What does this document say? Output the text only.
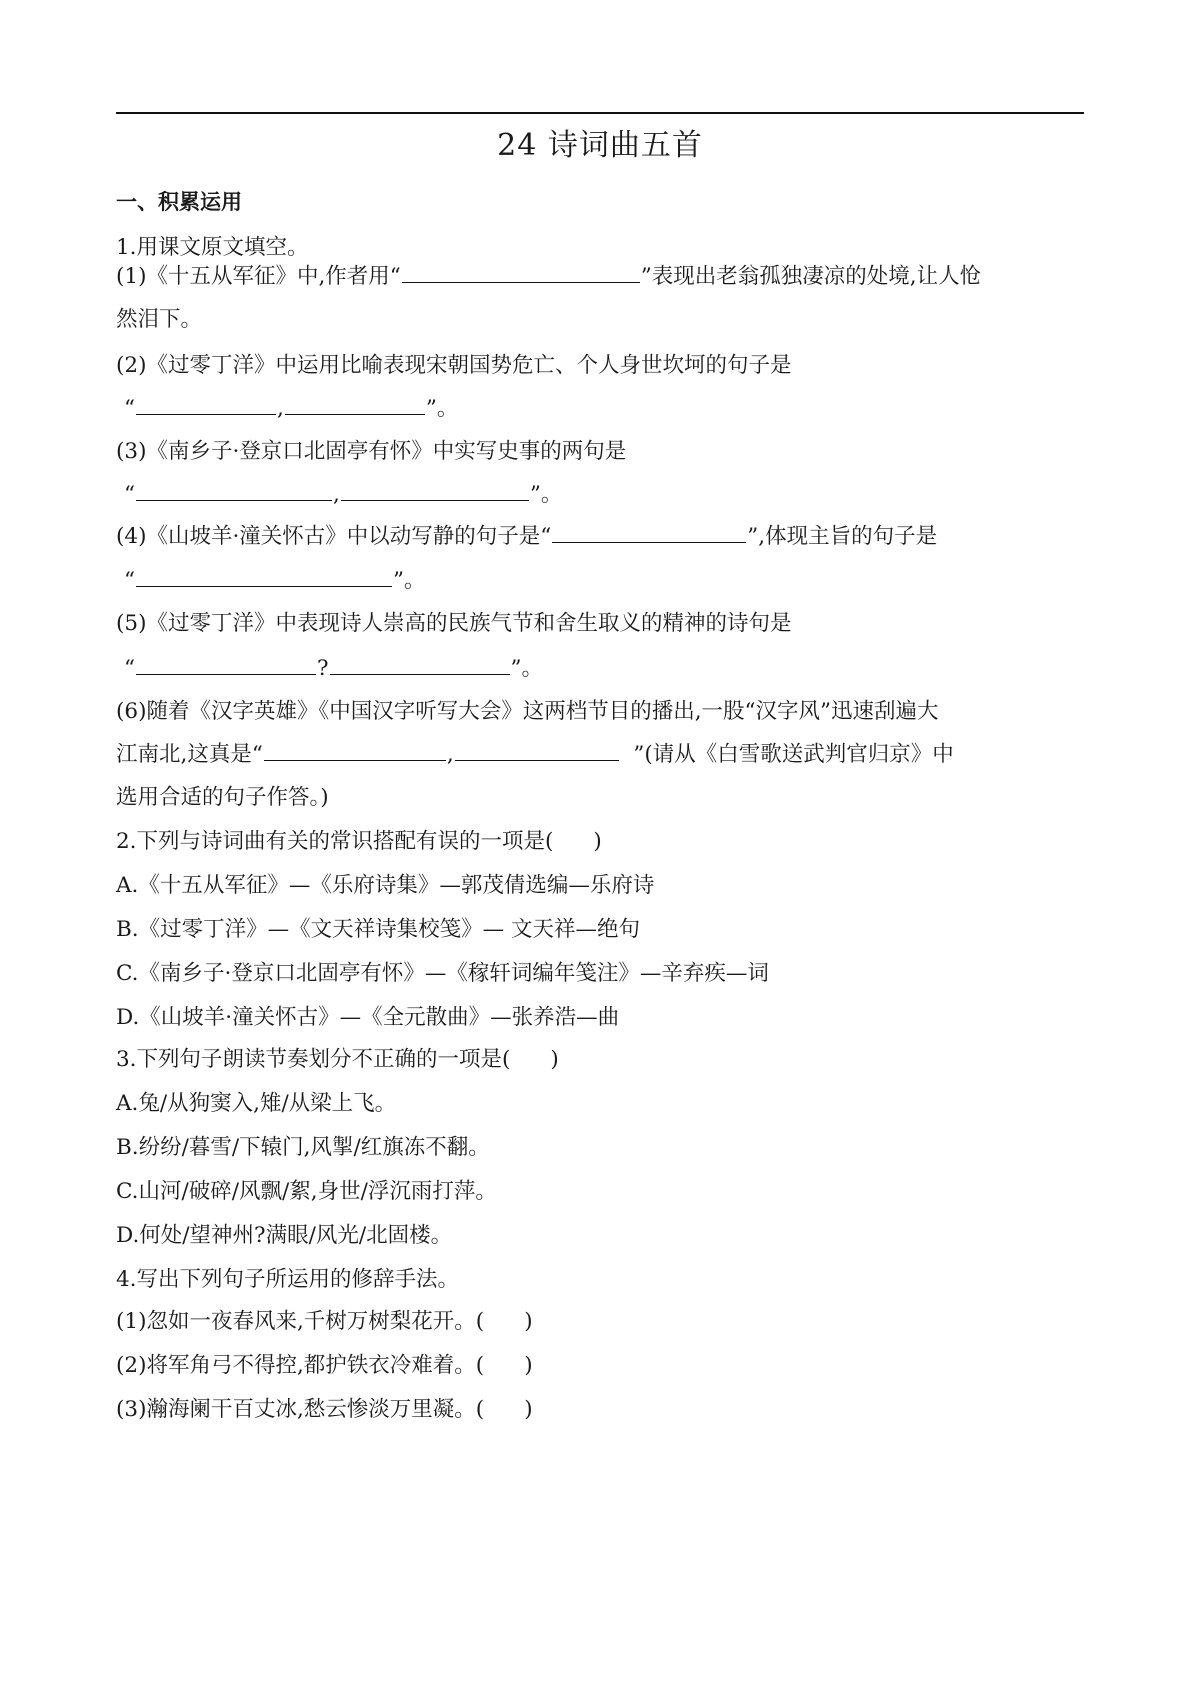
24 诗词曲五首
一、积累运用
1.用课文原文填空。
(1)《十五从军征》中,作者用“	”表现出老翁孤独凄凉的处境,让人怆
然泪下。
(2)《过零丁洋》中运用比喻表现宋朝国势危亡、个人身世坎坷的句子是
“	,	”。
(3)《南乡子·登京口北固亭有怀》中实写史事的两句是
“	,	”。
(4)《山坡羊·潼关怀古》中以动写静的句子是“	”,体现主旨的句子是
“	”。
(5)《过零丁洋》中表现诗人崇高的民族气节和舍生取义的精神的诗句是
“	?	”。
(6)随着《汉字英雄》《中国汉字听写大会》这两档节目的播出,一股“汉字风”迅速刮遍大
江南北,这真是“	,	”(请从《白雪歌送武判官归京》中
选用合适的句子作答。)
2.下列与诗词曲有关的常识搭配有误的一项是( )
A.《十五从军征》—《乐府诗集》—郭茂倩选编—乐府诗
B.《过零丁洋》—《文天祥诗集校笺》— 文天祥—绝句
C.《南乡子·登京口北固亭有怀》—《稼轩词编年笺注》—辛弃疾—词
D.《山坡羊·潼关怀古》—《全元散曲》—张养浩—曲
3.下列句子朗读节奏划分不正确的一项是( )
A.兔/从狗窦入,雉/从梁上飞。
B.纷纷/暮雪/下辕门,风掣/红旗冻不翻。
C.山河/破碎/风飘/絮,身世/浮沉雨打萍。
D.何处/望神州?满眼/风光/北固楼。
4.写出下列句子所运用的修辞手法。
(1)忽如一夜春风来,千树万树梨花开。( )
(2)将军角弓不得控,都护铁衣冷难着。( )
(3)瀚海阑干百丈冰,愁云惨淡万里凝。( )
